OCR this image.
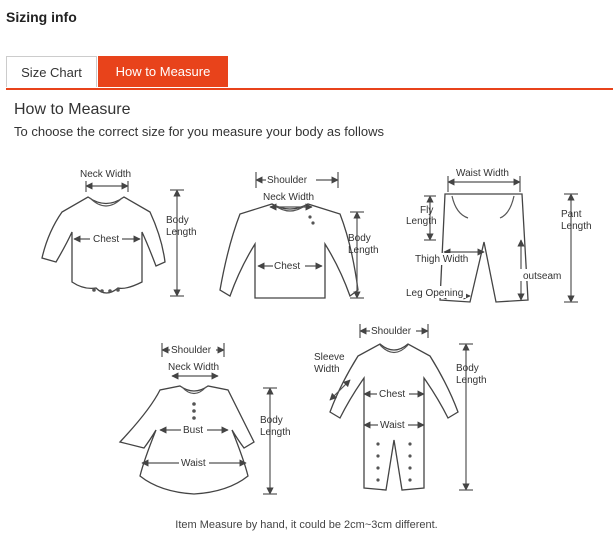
Sizing info
Size Chart	How to Measure
How to Measure
To choose the correct size for you measure your body as follows
Neck Width
Chest
Body
Length
Shoulder
Neck Width
Chest
Body
Length
Waist Width
Fly
Length
Thigh Width
Leg Opening
outseam
Pant
Length
Shoulder
Neck Width
Bust
Waist
Body
Length
Shoulder
Sleeve
Width
Chest
Waist
Body
Length
Item Measure by hand, it could be 2cm~3cm different.
